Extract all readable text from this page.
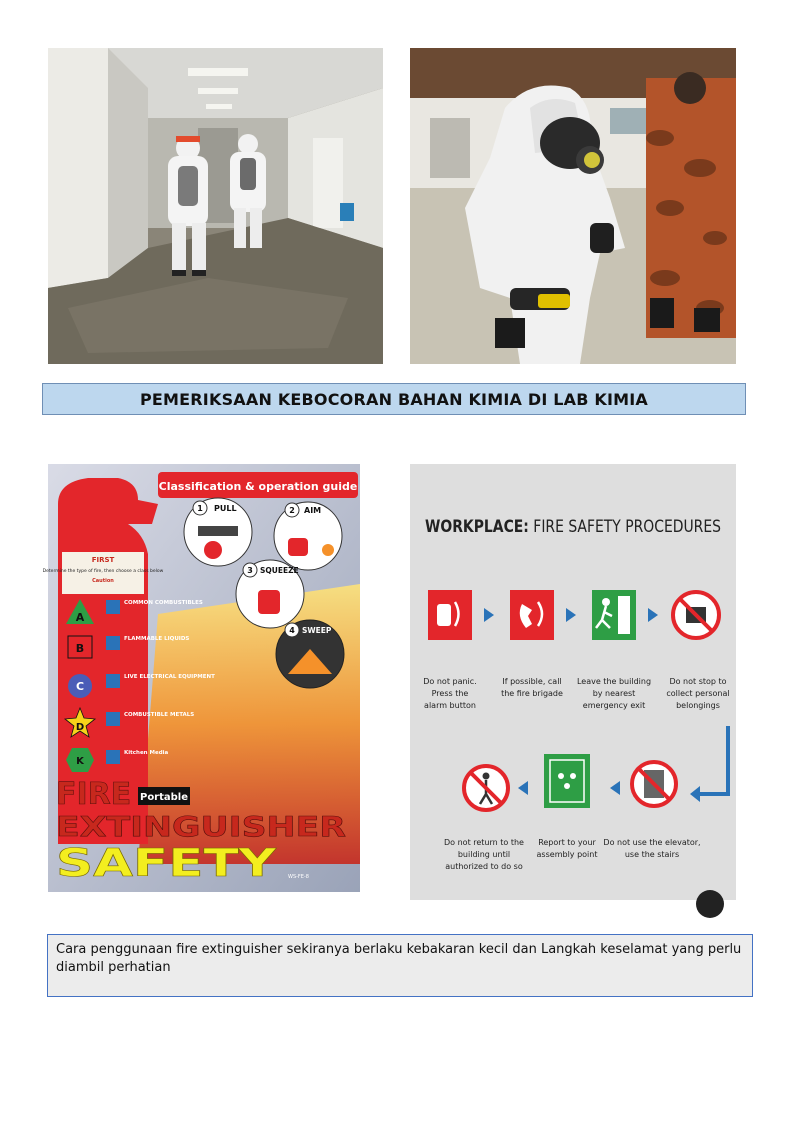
PEMERIKSAAN KEBOCORAN BAHAN KIMIA DI LAB KIMIA
Classification & operation guide
FIRST
Determine the type of fire, then choose a class below
Caution
1 PULL	2 AIM
3 SQUEEZE
4 SWEEP
A
COMMON COMBUSTIBLES
B
FLAMMABLE LIQUIDS
C
LIVE ELECTRICAL EQUIPMENT
D
COMBUSTIBLE METALS
K
Kitchen Media
FIRE Portable
EXTINGUISHER
SAFETY WS-FE-8
WORKPLACE: FIRE SAFETY PROCEDURES
Do not panic.
Press the
alarm button
If possible, call
the fire brigade
Leave the building
by nearest
emergency exit
Do not stop to
collect personal
belongings
Do not return to the
building until
authorized to do so
Report to your
assembly point
Do not use the elevator,
use the stairs
Cara penggunaan fire extinguisher sekiranya berlaku kebakaran kecil dan Langkah keselamat yang perlu diambil perhatian
